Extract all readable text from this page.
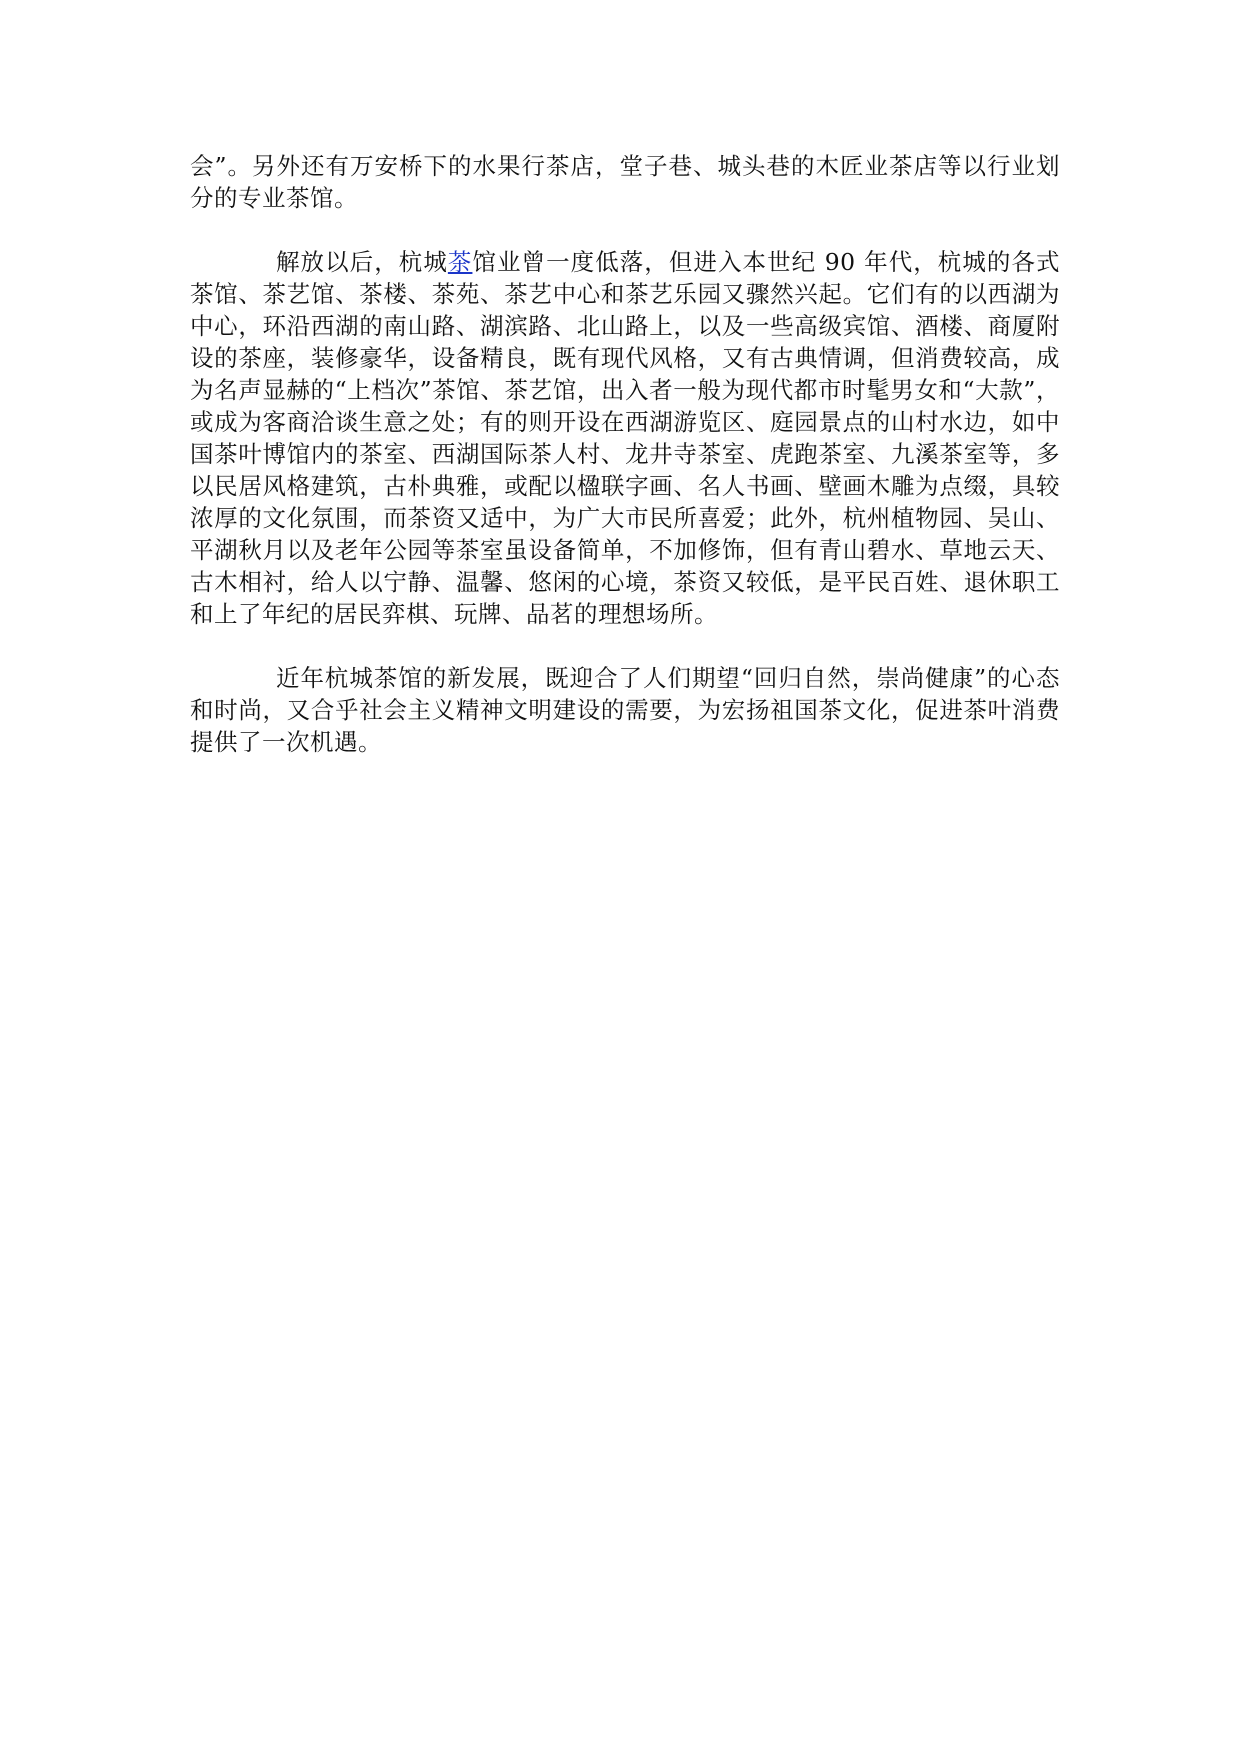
会”。另外还有万安桥下的水果行茶店，堂子巷、城头巷的木匠业茶店等以行业划分的专业茶馆。

解放以后，杭城茶馆业曾一度低落，但进入本世纪 90 年代，杭城的各式茶馆、茶艺馆、茶楼、茶苑、茶艺中心和茶艺乐园又骤然兴起。它们有的以西湖为中心，环沿西湖的南山路、湖滨路、北山路上，以及一些高级宾馆、酒楼、商厦附设的茶座，装修豪华，设备精良，既有现代风格，又有古典情调，但消费较高，成为名声显赫的“上档次”茶馆、茶艺馆，出入者一般为现代都市时髦男女和“大款”，或成为客商洽谈生意之处；有的则开设在西湖游览区、庭园景点的山村水边，如中国茶叶博馆内的茶室、西湖国际茶人村、龙井寺茶室、虎跑茶室、九溪茶室等，多以民居风格建筑，古朴典雅，或配以楹联字画、名人书画、壁画木雕为点缀，具较浓厚的文化氛围，而茶资又适中，为广大市民所喜爱；此外，杭州植物园、吴山、平湖秋月以及老年公园等茶室虽设备简单，不加修饰，但有青山碧水、草地云天、古木相衬，给人以宁静、温馨、悠闲的心境，茶资又较低，是平民百姓、退休职工和上了年纪的居民弈棋、玩牌、品茗的理想场所。

近年杭城茶馆的新发展，既迎合了人们期望“回归自然，崇尚健康”的心态和时尚，又合乎社会主义精神文明建设的需要，为宏扬祖国茶文化，促进茶叶消费提供了一次机遇。
